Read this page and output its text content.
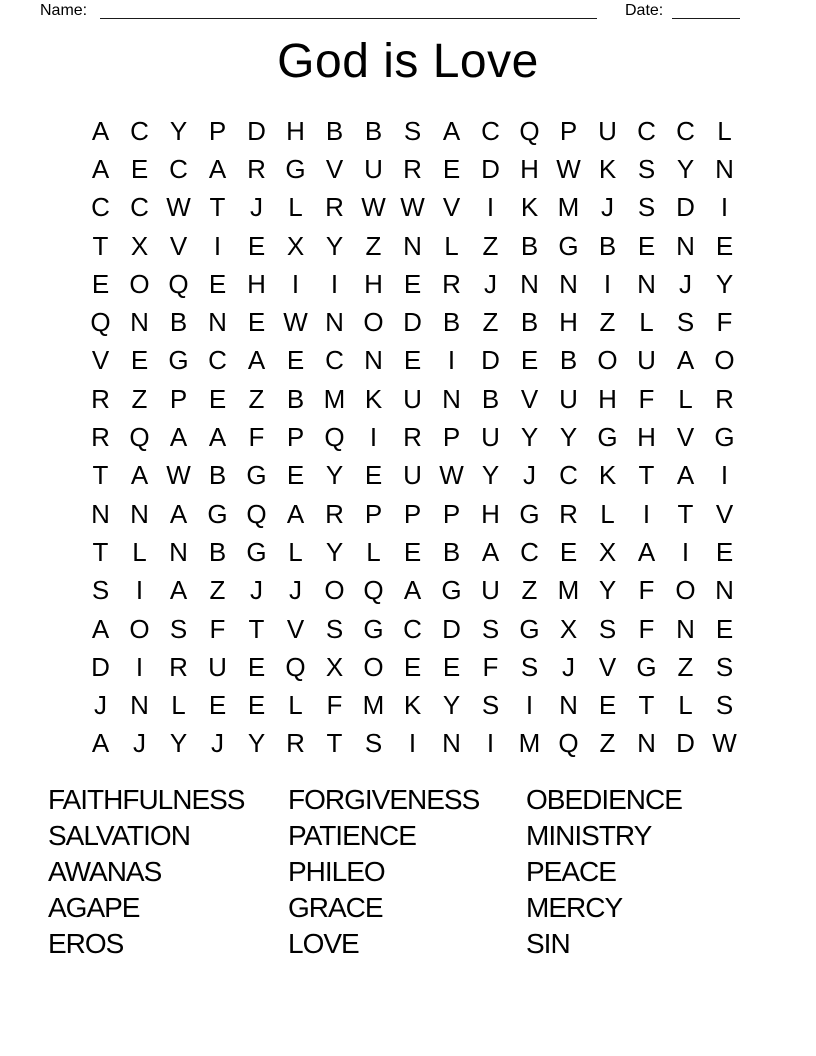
Name:	Date:
God is Love
A C Y P D H B B S A C Q P U C C L
A E C A R G V U R E D H W K S Y N
C C W T J L R W W V	I	K M J S D I
T X V	I	E X Y Z N L Z B G B E N E
E O Q E H I	I	H E R J N N I	N J Y
Q N B N E W N O D B Z B H Z L S F
V E G C A E C N E	I	D E B O U A O
R Z P E Z B M K U N B V U H F L R
R Q A A F P Q I	R P U Y Y G H V G
T A W B G E Y E U W Y J C K T A	I
N N A G Q A R P P P H G R L	I	T V
T L N B G L Y L E B A C E X A	I	E
S	I	A Z J	J O Q A G U Z M Y F O N
A O S F T V S G C D S G X S F N E
D I	R U E Q X O E E F S J V G Z S
J N L E E L F M K Y S	I	N E T L S
A J Y J Y R T S	I	N I M Q Z N D W
FAITHFULNESS
SALVATION
AWANAS
AGAPE
EROS
FORGIVENESS
PATIENCE
PHILEO
GRACE
LOVE
OBEDIENCE
MINISTRY
PEACE
MERCY
SIN
